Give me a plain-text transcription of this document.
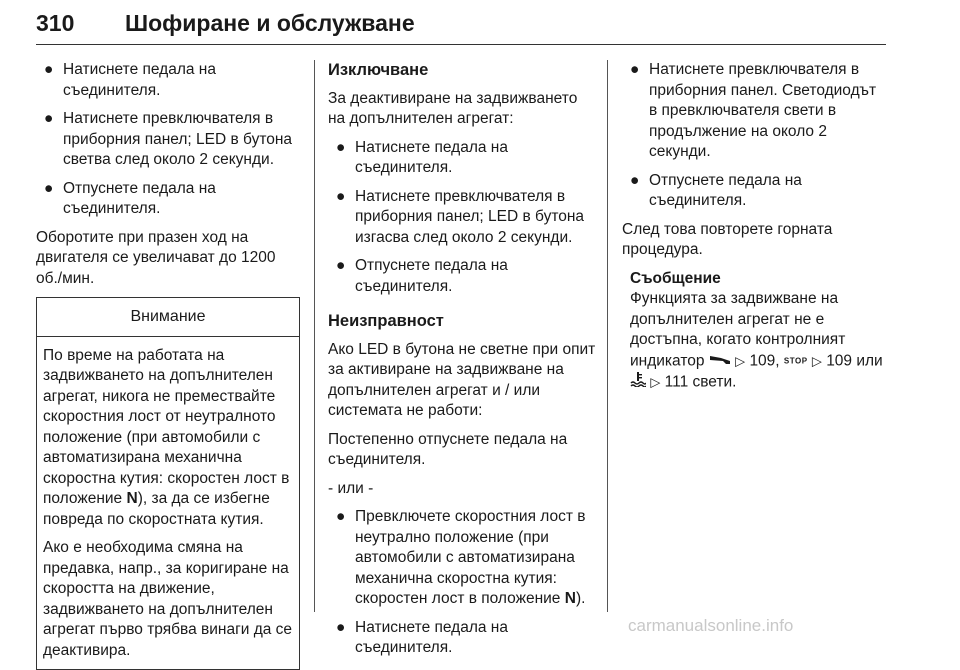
310 Шофиране и обслужване
● Натиснете педала на съединителя.
● Натиснете превключвателя в приборния панел; LED в бутона светва след около 2 секунди.
● Отпуснете педала на съединителя.

Обоpотите при празен ход на двигателя се увеличават до 1200 об./мин.

Внимание

По време на работата на задвижването на допълнителен агрегат, никога не премествайте скоростния лост от неутралното положение (при автомобили с автоматизирана механична скоростна кутия: скоростен лост в положение N), за да се избегне повреда по скоростната кутия.

Ако е необходима смяна на предавка, напр., за коригиране на скоростта на движение, задвижването на допълнителен агрегат първо трябва винаги да се деактивира.

Изключване

За деактивиране на задвижването на допълнителен агрегат:

● Натиснете педала на съединителя.
● Натиснете превключвателя в приборния панел; LED в бутона изгасва след около 2 секунди.
● Отпуснете педала на съединителя.
Неизправност

Ако LED в бутона не светне при опит за активиране на задвижване на допълнителен агрегат и / или системата не работи:

Постепенно отпуснете педала на съединителя.

- или -

● Превключете скоростния лост в неутрално положение (при автомобили с автоматизирана механична скоростна кутия: скоростен лост в положение N).
● Натиснете педала на съединителя.
● Натиснете превключвателя в приборния панел. Светодиодът в превключвателя свети в продължение на около 2 секунди.
● Отпуснете педала на съединителя.

След това повторете горната процедура.

Съобщение
Функцията за задвижване на допълнителен агрегат не е достъпна, когато контролният индикатор ▷ 109, STOP ▷ 109 или
▷ 111 свети.
carmanualsonline.info
